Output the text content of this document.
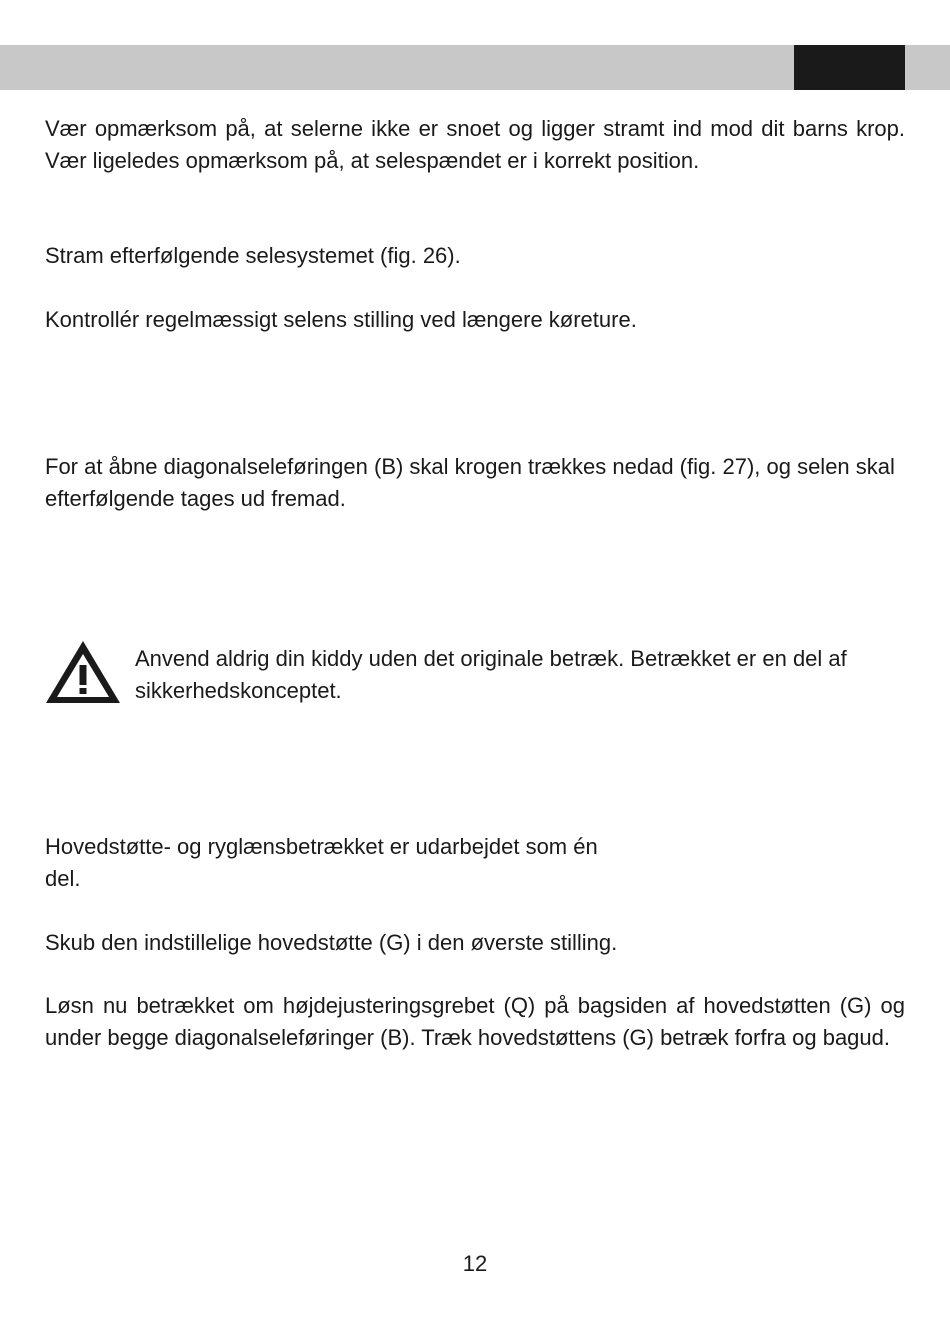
Vær opmærksom på, at selerne ikke er snoet og ligger stramt ind mod dit barns krop. Vær ligeledes opmærksom på, at selespændet er i korrekt position.

Stram efterfølgende selesystemet (fig. 26).

Kontrollér regelmæssigt selens stilling ved længere køreture.

For at åbne diagonalseleføringen (B) skal krogen trækkes nedad (fig. 27), og selen skal efterfølgende tages ud fremad.

Anvend aldrig din kiddy uden det originale betræk. Betrækket er en del af sikkerhedskonceptet.

Hovedstøtte- og ryglænsbetrækket er udarbejdet som én
del.

Skub den indstillelige hovedstøtte (G) i den øverste stilling.

Løsn nu betrækket om højdejusteringsgrebet (Q) på bagsiden af hovedstøtten (G) og under begge diagonalseleføringer (B). Træk hovedstøttens (G) betræk forfra og bagud.

12
